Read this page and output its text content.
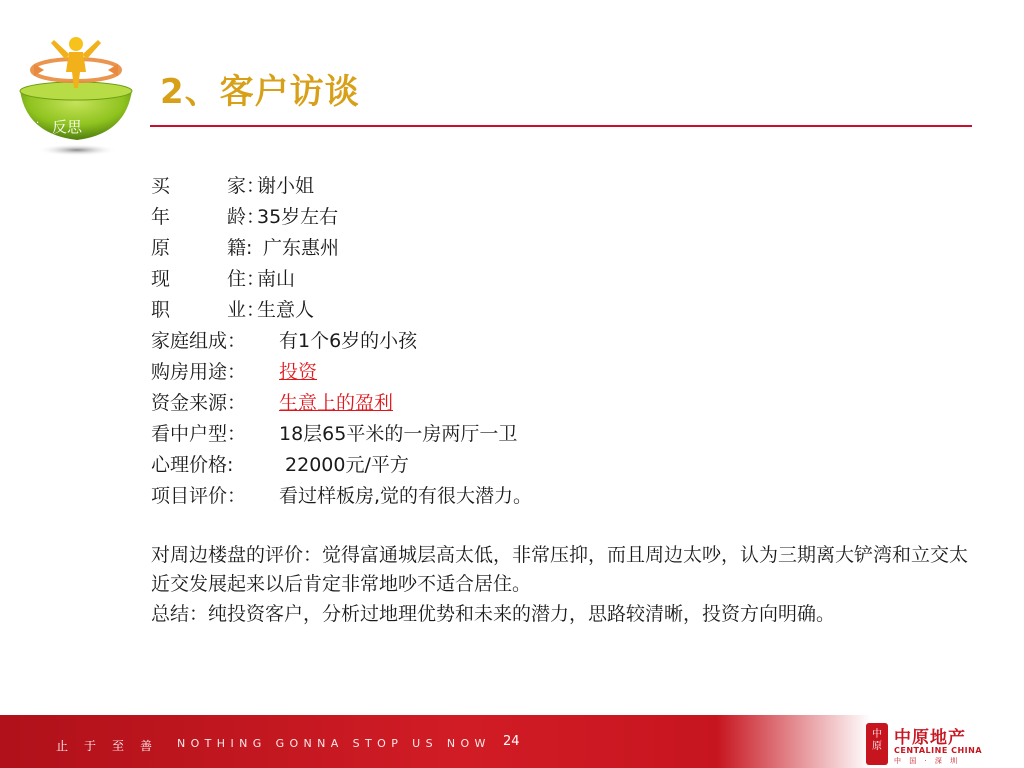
反思
·
2、客户访谈
买	家：谢小姐
年	龄：35岁左右
原	籍: 广东惠州
现	住：南山
职	业：生意人
家庭组成： 有1个6岁的小孩
购房用途： 投资
资金来源： 生意上的盈利
看中户型： 18层65平米的一房两厅一卫
心理价格: 22000元/平方
项目评价： 看过样板房,觉的有很大潜力。
对周边楼盘的评价：觉得富通城层高太低，非常压抑，而且周边太吵，认为三期离大铲湾和立交太近交发展起来以后肯定非常地吵不适合居住。
总结：纯投资客户，分析过地理优势和未来的潜力，思路较清晰，投资方向明确。
止于至善 NOTHING GONNA STOP US NOW 24	中原 中原地产
CENTALINE CHINA
中 国 · 深 圳
